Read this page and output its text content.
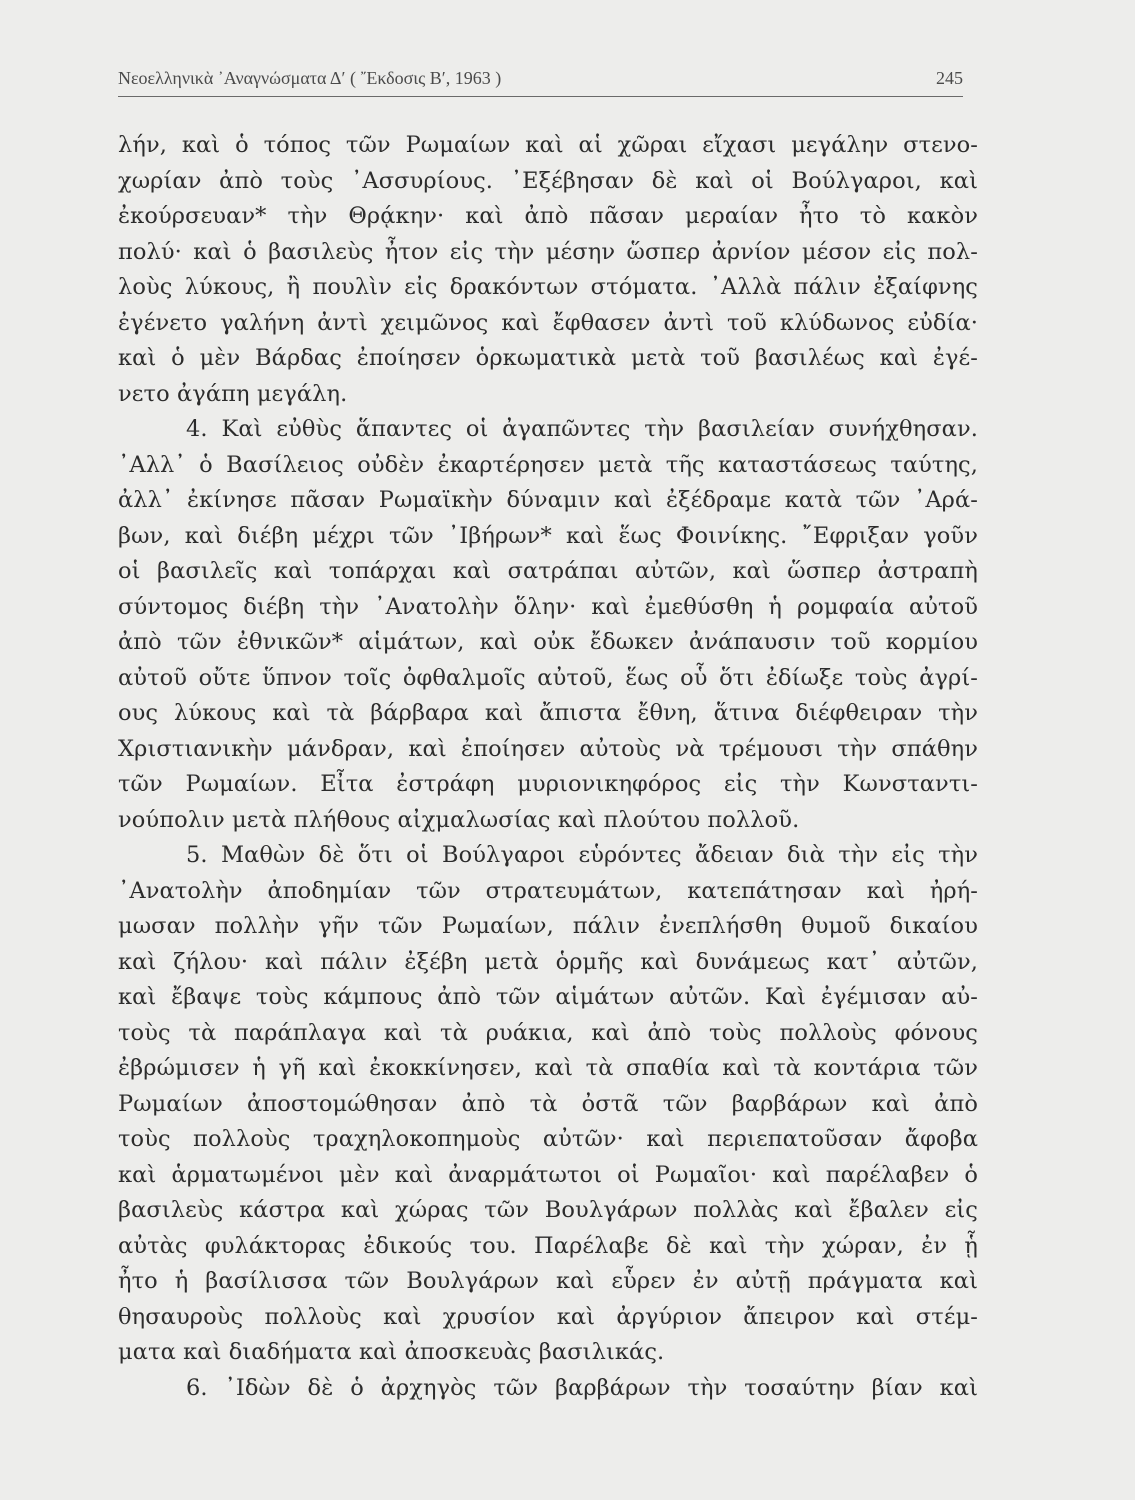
Νεοελληνικὰ ᾽Αναγνώσματα Δ′ ( ῎Εκδοσις Β′, 1963 )	245
λήν, καὶ ὁ τόπος τῶν Ρωμαίων καὶ αἱ χῶραι εἴχασι μεγάλην στενο-
χωρίαν ἀπὸ τοὺς ᾽Ασσυρίους. ᾽Εξέβησαν δὲ καὶ οἱ Βούλγαροι, καὶ
ἐκούρσευαν* τὴν Θρᾴκην· καὶ ἀπὸ πᾶσαν μεραίαν ἦτο τὸ κακὸν
πολύ· καὶ ὁ βασιλεὺς ἦτον εἰς τὴν μέσην ὥσπερ ἀρνίον μέσον εἰς πολ-
λοὺς λύκους, ἢ πουλὶν εἰς δρακόντων στόματα. ᾽Αλλὰ πάλιν ἐξαίφνης
ἐγένετο γαλήνη ἀντὶ χειμῶνος καὶ ἔφθασεν ἀντὶ τοῦ κλύδωνος εὐδία·
καὶ ὁ μὲν Βάρδας ἐποίησεν ὁρκωματικὰ μετὰ τοῦ βασιλέως καὶ ἐγέ-
νετο ἀγάπη μεγάλη.
4. Καὶ εὐθὺς ἅπαντες οἱ ἀγαπῶντες τὴν βασιλείαν συνήχθησαν.
᾽Αλλ᾽ ὁ Βασίλειος οὐδὲν ἐκαρτέρησεν μετὰ τῆς καταστάσεως ταύτης,
ἀλλ᾽ ἐκίνησε πᾶσαν Ρωμαϊκὴν δύναμιν καὶ ἐξέδραμε κατὰ τῶν ᾽Αρά-
βων, καὶ διέβη μέχρι τῶν ᾽Ιβήρων* καὶ ἕως Φοινίκης. ῎Εφριξαν γοῦν
οἱ βασιλεῖς καὶ τοπάρχαι καὶ σατράπαι αὐτῶν, καὶ ὥσπερ ἀστραπὴ
σύντομος διέβη τὴν ᾽Ανατολὴν ὅλην· καὶ ἐμεθύσθη ἡ ρομφαία αὐτοῦ
ἀπὸ τῶν ἐθνικῶν* αἱμάτων, καὶ οὐκ ἔδωκεν ἀνάπαυσιν τοῦ κορμίου
αὐτοῦ οὔτε ὕπνον τοῖς ὀφθαλμοῖς αὐτοῦ, ἕως οὗ ὅτι ἐδίωξε τοὺς ἀγρί-
ους λύκους καὶ τὰ βάρβαρα καὶ ἄπιστα ἔθνη, ἅτινα διέφθειραν τὴν
Χριστιανικὴν μάνδραν, καὶ ἐποίησεν αὐτοὺς νὰ τρέμουσι τὴν σπάθην
τῶν Ρωμαίων. Εἶτα ἐστράφη μυριονικηφόρος εἰς τὴν Κωνσταντι-
νούπολιν μετὰ πλήθους αἰχμαλωσίας καὶ πλούτου πολλοῦ.
5. Μαθὼν δὲ ὅτι οἱ Βούλγαροι εὑρόντες ἄδειαν διὰ τὴν εἰς τὴν
᾽Ανατολὴν ἀποδημίαν τῶν στρατευμάτων, κατεπάτησαν καὶ ἠρή-
μωσαν πολλὴν γῆν τῶν Ρωμαίων, πάλιν ἐνεπλήσθη θυμοῦ δικαίου
καὶ ζήλου· καὶ πάλιν ἐξέβη μετὰ ὁρμῆς καὶ δυνάμεως κατ᾽ αὐτῶν,
καὶ ἔβαψε τοὺς κάμπους ἀπὸ τῶν αἱμάτων αὐτῶν. Καὶ ἐγέμισαν αὐ-
τοὺς τὰ παράπλαγα καὶ τὰ ρυάκια, καὶ ἀπὸ τοὺς πολλοὺς φόνους
ἐβρώμισεν ἡ γῆ καὶ ἐκοκκίνησεν, καὶ τὰ σπαθία καὶ τὰ κοντάρια τῶν
Ρωμαίων ἀποστομώθησαν ἀπὸ τὰ ὀστᾶ τῶν βαρβάρων καὶ ἀπὸ
τοὺς πολλοὺς τραχηλοκοπημοὺς αὐτῶν· καὶ περιεπατοῦσαν ἄφοβα
καὶ ἁρματωμένοι μὲν καὶ ἀναρμάτωτοι οἱ Ρωμαῖοι· καὶ παρέλαβεν ὁ
βασιλεὺς κάστρα καὶ χώρας τῶν Βουλγάρων πολλὰς καὶ ἔβαλεν εἰς
αὐτὰς φυλάκτορας ἐδικούς του. Παρέλαβε δὲ καὶ τὴν χώραν, ἐν ᾗ
ἦτο ἡ βασίλισσα τῶν Βουλγάρων καὶ εὗρεν ἐν αὐτῇ πράγματα καὶ
θησαυροὺς πολλοὺς καὶ χρυσίον καὶ ἀργύριον ἄπειρον καὶ στέμ-
ματα καὶ διαδήματα καὶ ἀποσκευὰς βασιλικάς.
6. ᾽Ιδὼν δὲ ὁ ἀρχηγὸς τῶν βαρβάρων τὴν τοσαύτην βίαν καὶ
